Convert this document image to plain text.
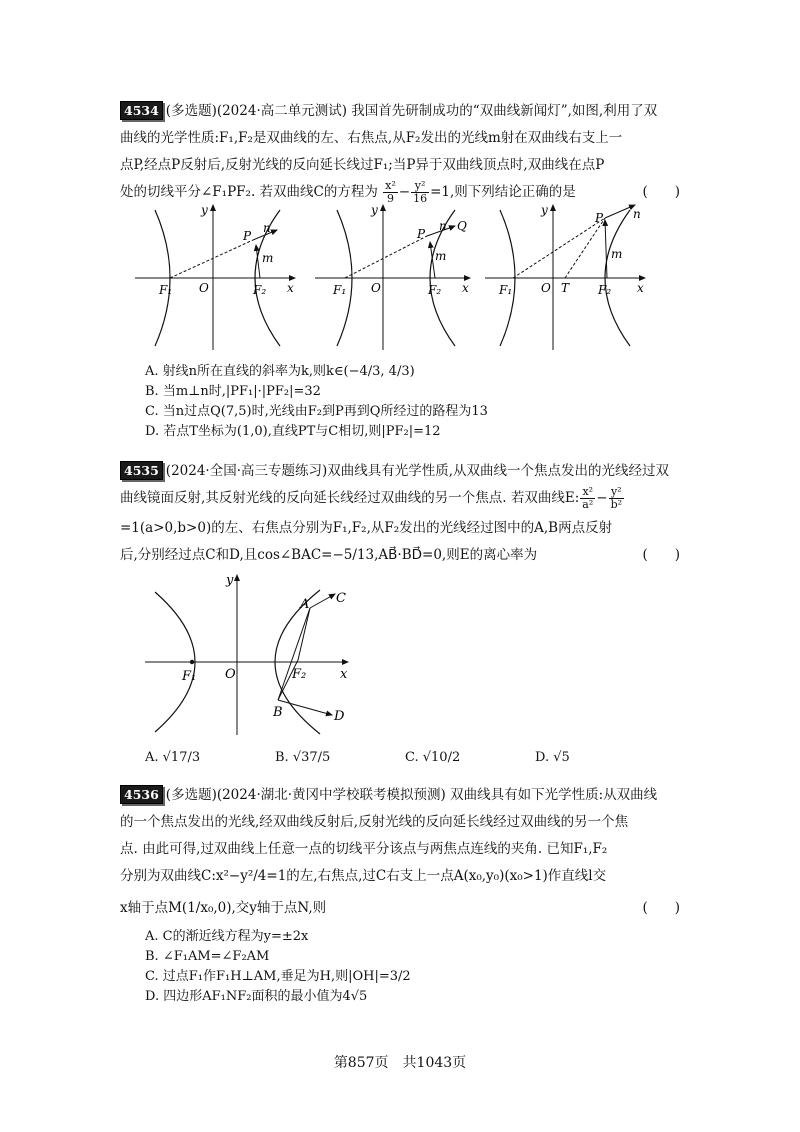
4534 (多选题)(2024·高二单元测试) 我国首先研制成功的“双曲线新闻灯”,如图,利用了双
曲线的光学性质:F₁,F₂是双曲线的左、右焦点,从F₂发出的光线m射在双曲线右支上一
点P,经点P反射后,反射光线的反向延长线过F₁;当P异于双曲线顶点时,双曲线在点P
处的切线平分∠F₁PF₂. 若双曲线C的方程为 $\frac{\text{x²}}{9} - \frac{\text{y²}}{16} =1$,则下列结论正确的是	(　　)
F₁ O	F₂ x
y
P
n
m
F₁ O	F₂ x
y
P
n Q
m
F₁ O T F₂ x
y
P n
m
A. 射线n所在直线的斜率为k,则k∈(−4/3, 4/3)
B. 当m⊥n时,|PF₁|·|PF₂|=32
C. 当n过点Q(7,5)时,光线由F₂到P再到Q所经过的路程为13
D. 若点T坐标为(1,0),直线PT与C相切,则|PF₂|=12
4535 (2024·全国·高三专题练习)双曲线具有光学性质,从双曲线一个焦点发出的光线经过双
曲线镜面反射,其反射光线的反向延长线经过双曲线的另一个焦点. 若双曲线E: $\frac{\text{x²}}{\text{a²}} - \frac{\text{y²}}{\text{b²}}$
=1(a>0,b>0)的左、右焦点分别为F₁,F₂,从F₂发出的光线经过图中的A,B两点反射
后,分别经过点C和D,且cos∠BAC=−5/13,AB⃗·BD⃗=0,则E的离心率为	(　　)
F₁ O	F₂	x
y
A C
B	D
A. √17/3	B. √37/5	C. √10/2	D. √5
4536 (多选题)(2024·湖北·黄冈中学校联考模拟预测) 双曲线具有如下光学性质:从双曲线
的一个焦点发出的光线,经双曲线反射后,反射光线的反向延长线经过双曲线的另一个焦
点. 由此可得,过双曲线上任意一点的切线平分该点与两焦点连线的夹角. 已知F₁,F₂
分别为双曲线C:x²−y²/4=1的左,右焦点,过C右支上一点A(x₀,y₀)(x₀>1)作直线l交
x轴于点M(1/x₀,0),交y轴于点N,则	(　　)
A. C的渐近线方程为y=±2x
B. ∠F₁AM=∠F₂AM
C. 过点F₁作F₁H⊥AM,垂足为H,则|OH|=3/2
D. 四边形AF₁NF₂面积的最小值为4√5
第857页　共1043页
